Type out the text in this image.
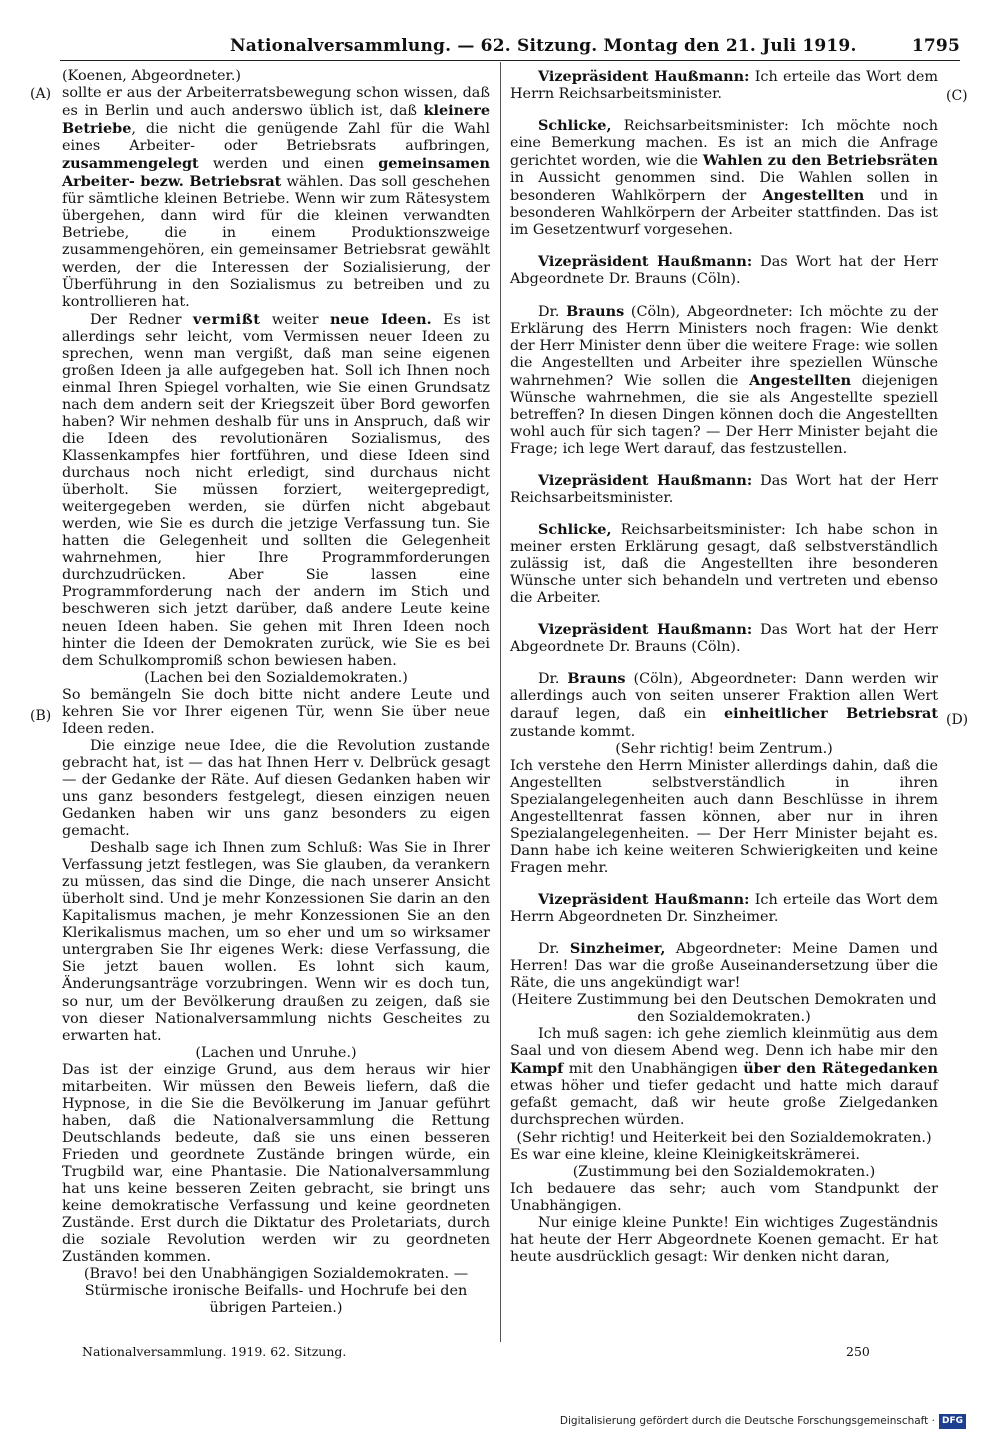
Nationalversammlung. — 62. Sitzung. Montag den 21. Juli 1919.	1795
(A)
(B)
(C)
(D)

(Koenen, Abgeordneter.)

sollte er aus der Arbeiterratsbewegung schon wissen, daß es in Berlin und auch anderswo üblich ist, daß kleinere Betriebe, die nicht die genügende Zahl für die Wahl eines Arbeiter- oder Betriebsrats aufbringen, zusammengelegt werden und einen gemeinsamen Arbeiter- bezw. Betriebsrat wählen. Das soll geschehen für sämtliche kleinen Betriebe. Wenn wir zum Rätesystem übergehen, dann wird für die kleinen verwandten Betriebe, die in einem Produktionszweige zusammengehören, ein gemeinsamer Betriebsrat gewählt werden, der die Interessen der Sozialisierung, der Überführung in den Sozialismus zu betreiben und zu kontrollieren hat.

Der Redner vermißt weiter neue Ideen. Es ist allerdings sehr leicht, vom Vermissen neuer Ideen zu sprechen, wenn man vergißt, daß man seine eigenen großen Ideen ja alle aufgegeben hat. Soll ich Ihnen noch einmal Ihren Spiegel vorhalten, wie Sie einen Grundsatz nach dem andern seit der Kriegszeit über Bord geworfen haben? Wir nehmen deshalb für uns in Anspruch, daß wir die Ideen des revolutionären Sozialismus, des Klassenkampfes hier fortführen, und diese Ideen sind durchaus noch nicht erledigt, sind durchaus nicht überholt. Sie müssen forziert, weitergepredigt, weitergegeben werden, sie dürfen nicht abgebaut werden, wie Sie es durch die jetzige Verfassung tun. Sie hatten die Gelegenheit und sollten die Gelegenheit wahrnehmen, hier Ihre Programmforderungen durchzudrücken. Aber Sie lassen eine Programmforderung nach der andern im Stich und beschweren sich jetzt darüber, daß andere Leute keine neuen Ideen haben. Sie gehen mit Ihren Ideen noch hinter die Ideen der Demokraten zurück, wie Sie es bei dem Schulkompromiß schon bewiesen haben.

(Lachen bei den Sozialdemokraten.)

So bemängeln Sie doch bitte nicht andere Leute und kehren Sie vor Ihrer eigenen Tür, wenn Sie über neue Ideen reden.

Die einzige neue Idee, die die Revolution zustande gebracht hat, ist — das hat Ihnen Herr v. Delbrück gesagt — der Gedanke der Räte. Auf diesen Gedanken haben wir uns ganz besonders festgelegt, diesen einzigen neuen Gedanken haben wir uns ganz besonders zu eigen gemacht.

Deshalb sage ich Ihnen zum Schluß: Was Sie in Ihrer Verfassung jetzt festlegen, was Sie glauben, da verankern zu müssen, das sind die Dinge, die nach unserer Ansicht überholt sind. Und je mehr Konzessionen Sie darin an den Kapitalismus machen, je mehr Konzessionen Sie an den Klerikalismus machen, um so eher und um so wirksamer untergraben Sie Ihr eigenes Werk: diese Verfassung, die Sie jetzt bauen wollen. Es lohnt sich kaum, Änderungsanträge vorzubringen. Wenn wir es doch tun, so nur, um der Bevölkerung draußen zu zeigen, daß sie von dieser Nationalversammlung nichts Gescheites zu erwarten hat.

(Lachen und Unruhe.)

Das ist der einzige Grund, aus dem heraus wir hier mitarbeiten. Wir müssen den Beweis liefern, daß die Hypnose, in die Sie die Bevölkerung im Januar geführt haben, daß die Nationalversammlung die Rettung Deutschlands bedeute, daß sie uns einen besseren Frieden und geordnete Zustände bringen würde, ein Trugbild war, eine Phantasie. Die Nationalversammlung hat uns keine besseren Zeiten gebracht, sie bringt uns keine demokratische Verfassung und keine geordneten Zustände. Erst durch die Diktatur des Proletariats, durch die soziale Revolution werden wir zu geordneten Zuständen kommen.

(Bravo! bei den Unabhängigen Sozialdemokraten. — Stürmische ironische Beifalls- und Hochrufe bei den übrigen Parteien.)

Vizepräsident Haußmann: Ich erteile das Wort dem Herrn Reichsarbeitsminister.

Schlicke, Reichsarbeitsminister: Ich möchte noch eine Bemerkung machen. Es ist an mich die Anfrage gerichtet worden, wie die Wahlen zu den Betriebsräten in Aussicht genommen sind. Die Wahlen sollen in besonderen Wahlkörpern der Angestellten und in besonderen Wahlkörpern der Arbeiter stattfinden. Das ist im Gesetzentwurf vorgesehen.

Vizepräsident Haußmann: Das Wort hat der Herr Abgeordnete Dr. Brauns (Cöln).

Dr. Brauns (Cöln), Abgeordneter: Ich möchte zu der Erklärung des Herrn Ministers noch fragen: Wie denkt der Herr Minister denn über die weitere Frage: wie sollen die Angestellten und Arbeiter ihre speziellen Wünsche wahrnehmen? Wie sollen die Angestellten diejenigen Wünsche wahrnehmen, die sie als Angestellte speziell betreffen? In diesen Dingen können doch die Angestellten wohl auch für sich tagen? — Der Herr Minister bejaht die Frage; ich lege Wert darauf, das festzustellen.

Vizepräsident Haußmann: Das Wort hat der Herr Reichsarbeitsminister.

Schlicke, Reichsarbeitsminister: Ich habe schon in meiner ersten Erklärung gesagt, daß selbstverständlich zulässig ist, daß die Angestellten ihre besonderen Wünsche unter sich behandeln und vertreten und ebenso die Arbeiter.

Vizepräsident Haußmann: Das Wort hat der Herr Abgeordnete Dr. Brauns (Cöln).

Dr. Brauns (Cöln), Abgeordneter: Dann werden wir allerdings auch von seiten unserer Fraktion allen Wert darauf legen, daß ein einheitlicher Betriebsrat zustande kommt.

(Sehr richtig! beim Zentrum.)

Ich verstehe den Herrn Minister allerdings dahin, daß die Angestellten selbstverständlich in ihren Spezialangelegenheiten auch dann Beschlüsse in ihrem Angestelltenrat fassen können, aber nur in ihren Spezialangelegenheiten. — Der Herr Minister bejaht es. Dann habe ich keine weiteren Schwierigkeiten und keine Fragen mehr.

Vizepräsident Haußmann: Ich erteile das Wort dem Herrn Abgeordneten Dr. Sinzheimer.

Dr. Sinzheimer, Abgeordneter: Meine Damen und Herren! Das war die große Auseinandersetzung über die Räte, die uns angekündigt war!

(Heitere Zustimmung bei den Deutschen Demokraten und den Sozialdemokraten.)

Ich muß sagen: ich gehe ziemlich kleinmütig aus dem Saal und von diesem Abend weg. Denn ich habe mir den Kampf mit den Unabhängigen über den Rätegedanken etwas höher und tiefer gedacht und hatte mich darauf gefaßt gemacht, daß wir heute große Zielgedanken durchsprechen würden.

(Sehr richtig! und Heiterkeit bei den Sozialdemokraten.)

Es war eine kleine, kleine Kleinigkeitskrämerei.

(Zustimmung bei den Sozialdemokraten.)

Ich bedauere das sehr; auch vom Standpunkt der Unabhängigen.

Nur einige kleine Punkte! Ein wichtiges Zugeständnis hat heute der Herr Abgeordnete Koenen gemacht. Er hat heute ausdrücklich gesagt: Wir denken nicht daran,

Nationalversammlung. 1919. 62. Sitzung.	250
Digitalisierung gefördert durch die Deutsche Forschungsgemeinschaft · DFG
